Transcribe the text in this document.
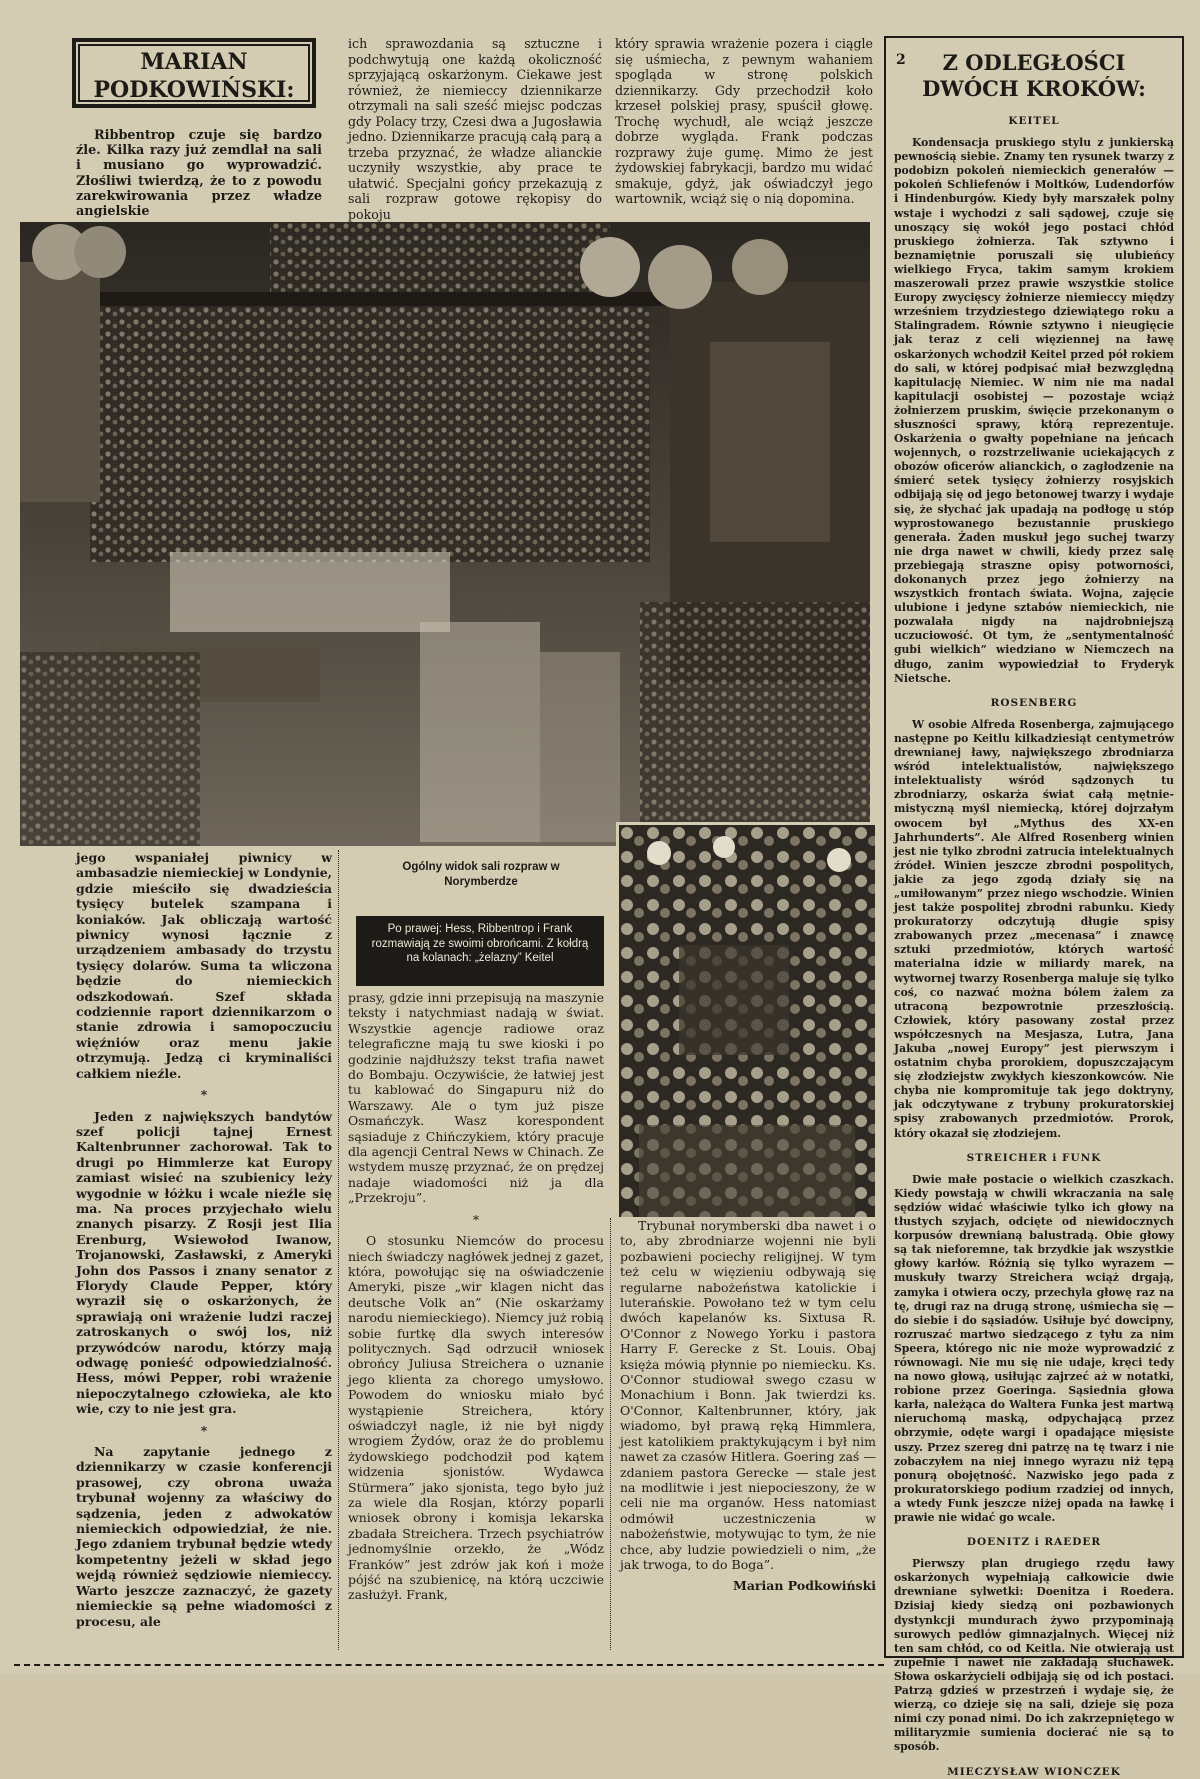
MARIAN
PODKOWIŃSKI:

Ribbentrop czuje się bardzo źle. Kilka razy już zemdlał na sali i musiano go wyprowadzić. Złośliwi twierdzą, że to z powodu zarekwirowania przez władze angielskie

ich sprawozdania są sztuczne i podchwytują one każdą okoliczność sprzyjającą oskarżonym. Ciekawe jest również, że niemieccy dziennikarze otrzymali na sali sześć miejsc podczas gdy Polacy trzy, Czesi dwa a Jugosławia jedno. Dziennikarze pracują całą parą a trzeba przyznać, że władze alianckie uczyniły wszystkie, aby prace te ułatwić. Specjalni gońcy przekazują z sali rozpraw gotowe rękopisy do pokoju

który sprawia wrażenie pozera i ciągle się uśmiecha, z pewnym wahaniem spogląda w stronę polskich dziennikarzy. Gdy przechodził koło krzeseł polskiej prasy, spuścił głowę. Trochę wychudł, ale wciąż jeszcze dobrze wygląda. Frank podczas rozprawy żuje gumę. Mimo że jest żydowskiej fabrykacji, bardzo mu widać smakuje, gdyż, jak oświadczył jego wartownik, wciąż się o nią dopomina.

Ogólny widok sali rozpraw w Norymberdze
Po prawej: Hess, Ribbentrop i Frank rozmawiają ze swoimi obrońcami. Z kołdrą na kolanach: „żelazny” Keitel

jego wspaniałej piwnicy w ambasadzie niemieckiej w Londynie, gdzie mieściło się dwadzieścia tysięcy butelek szampana i koniaków. Jak obliczają wartość piwnicy wynosi łącznie z urządzeniem ambasady do trzystu tysięcy dolarów. Suma ta wliczona będzie do niemieckich odszkodowań. Szef składa codziennie raport dziennikarzom o stanie zdrowia i samopoczuciu więźniów oraz menu jakie otrzymują. Jedzą ci kryminaliści całkiem nieźle.

*

Jeden z największych bandytów szef policji tajnej Ernest Kaltenbrunner zachorował. Tak to drugi po Himmlerze kat Europy zamiast wisieć na szubienicy leży wygodnie w łóżku i wcale nieźle się ma. Na proces przyjechało wielu znanych pisarzy. Z Rosji jest Ilia Erenburg, Wsiewołod Iwanow, Trojanowski, Zasławski, z Ameryki John dos Passos i znany senator z Florydy Claude Pepper, który wyraził się o oskarżonych, że sprawiają oni wrażenie ludzi raczej zatroskanych o swój los, niż przywódców narodu, którzy mają odwagę ponieść odpowiedzialność. Hess, mówi Pepper, robi wrażenie niepoczytalnego człowieka, ale kto wie, czy to nie jest gra.

*

Na zapytanie jednego z dziennikarzy w czasie konferencji prasowej, czy obrona uważa trybunał wojenny za właściwy do sądzenia, jeden z adwokatów niemieckich odpowiedział, że nie. Jego zdaniem trybunał będzie wtedy kompetentny jeżeli w skład jego wejdą również sędziowie niemieccy. Warto jeszcze zaznaczyć, że gazety niemieckie są pełne wiadomości z procesu, ale

prasy, gdzie inni przepisują na maszynie teksty i natychmiast nadają w świat. Wszystkie agencje radiowe oraz telegraficzne mają tu swe kioski i po godzinie najdłuższy tekst trafia nawet do Bombaju. Oczywiście, że łatwiej jest tu kablować do Singapuru niż do Warszawy. Ale o tym już pisze Osmańczyk. Wasz korespondent sąsiaduje z Chińczykiem, który pracuje dla agencji Central News w Chinach. Ze wstydem muszę przyznać, że on prędzej nadaje wiadomości niż ja dla „Przekroju”.

*

O stosunku Niemców do procesu niech świadczy nagłówek jednej z gazet, która, powołując się na oświadczenie Ameryki, pisze „wir klagen nicht das deutsche Volk an” (Nie oskarżamy narodu niemieckiego). Niemcy już robią sobie furtkę dla swych interesów politycznych. Sąd odrzucił wniosek obrońcy Juliusa Streichera o uznanie jego klienta za chorego umysłowo. Powodem do wniosku miało być wystąpienie Streichera, który oświadczył nagle, iż nie był nigdy wrogiem Żydów, oraz że do problemu żydowskiego podchodził pod kątem widzenia sjonistów. Wydawca Stürmera” jako sjonista, tego było już za wiele dla Rosjan, którzy poparli wniosek obrony i komisja lekarska zbadała Streichera. Trzech psychiatrów jednomyślnie orzekło, że „Wódz Franków” jest zdrów jak koń i może pójść na szubienicę, na którą uczciwie zasłużył. Frank,

Trybunał norymberski dba nawet i o to, aby zbrodniarze wojenni nie byli pozbawieni pociechy religijnej. W tym też celu w więzieniu odbywają się regularne nabożeństwa katolickie i luterańskie. Powołano też w tym celu dwóch kapelanów ks. Sixtusa R. O'Connor z Nowego Yorku i pastora Harry F. Gerecke z St. Louis. Obaj księża mówią płynnie po niemiecku. Ks. O'Connor studiował swego czasu w Monachium i Bonn. Jak twierdzi ks. O'Connor, Kaltenbrunner, który, jak wiadomo, był prawą ręką Himmlera, jest katolikiem praktykującym i był nim nawet za czasów Hitlera. Goering zaś — zdaniem pastora Gerecke — stale jest na modlitwie i jest niepocieszony, że w celi nie ma organów. Hess natomiast odmówił uczestniczenia w nabożeństwie, motywując to tym, że nie chce, aby ludzie powiedzieli o nim, „że jak trwoga, to do Boga”.

Marian Podkowiński

2	Z ODLEGŁOŚCI
DWÓCH KROKÓW:
KEITEL

Kondensacja pruskiego stylu z junkierską pewnością siebie. Znamy ten rysunek twarzy z podobizn pokoleń niemieckich generałów — pokoleń Schliefenów i Moltków, Ludendorfów i Hindenburgów. Kiedy były marszałek polny wstaje i wychodzi z sali sądowej, czuje się unoszący się wokół jego postaci chłód pruskiego żołnierza. Tak sztywno i beznamiętnie poruszali się ulubieńcy wielkiego Fryca, takim samym krokiem maszerowali przez prawie wszystkie stolice Europy zwycięscy żołnierze niemieccy między wrześniem trzydziestego dziewiątego roku a Stalingradem. Równie sztywno i nieugięcie jak teraz z celi więziennej na ławę oskarżonych wchodził Keitel przed pół rokiem do sali, w której podpisać miał bezwzględną kapitulację Niemiec. W nim nie ma nadal kapitulacji osobistej — pozostaje wciąż żołnierzem pruskim, święcie przekonanym o słuszności sprawy, którą reprezentuje. Oskarżenia o gwałty popełniane na jeńcach wojennych, o rozstrzeliwanie uciekających z obozów oficerów alianckich, o zagłodzenie na śmierć setek tysięcy żołnierzy rosyjskich odbijają się od jego betonowej twarzy i wydaje się, że słychać jak upadają na podłogę u stóp wyprostowanego bezustannie pruskiego generała. Żaden muskuł jego suchej twarzy nie drga nawet w chwili, kiedy przez salę przebiegają straszne opisy potworności, dokonanych przez jego żołnierzy na wszystkich frontach świata. Wojna, zajęcie ulubione i jedyne sztabów niemieckich, nie pozwalała nigdy na najdrobniejszą uczuciowość. Ot tym, że „sentymentalność gubi wielkich” wiedziano w Niemczech na długo, zanim wypowiedział to Fryderyk Nietsche.

ROSENBERG

W osobie Alfreda Rosenberga, zajmującego następne po Keitlu kilkadziesiąt centymetrów drewnianej ławy, największego zbrodniarza wśród intelektualistów, największego intelektualisty wśród sądzonych tu zbrodniarzy, oskarża świat całą mętnie-mistyczną myśl niemiecką, której dojrzałym owocem był „Mythus des XX-en Jahrhunderts”. Ale Alfred Rosenberg winien jest nie tylko zbrodni zatrucia intelektualnych źródeł. Winien jeszcze zbrodni pospolitych, jakie za jego zgodą działy się na „umiłowanym” przez niego wschodzie. Winien jest także pospolitej zbrodni rabunku. Kiedy prokuratorzy odczytują długie spisy zrabowanych przez „mecenasa” i znawcę sztuki przedmiotów, których wartość materialna idzie w miliardy marek, na wytwornej twarzy Rosenberga maluje się tylko coś, co nazwać można bólem żalem za utraconą bezpowrotnie przeszłością. Człowiek, który pasowany został przez współczesnych na Mesjasza, Lutra, Jana Jakuba „nowej Europy” jest pierwszym i ostatnim chyba prorokiem, dopuszczającym się złodziejstw zwykłych kieszonkowców. Nie chyba nie kompromituje tak jego doktryny, jak odczytywane z trybuny prokuratorskiej spisy zrabowanych przedmiotów. Prorok, który okazał się złodziejem.

STREICHER i FUNK

Dwie małe postacie o wielkich czaszkach. Kiedy powstają w chwili wkraczania na salę sędziów widać właściwie tylko ich głowy na tłustych szyjach, odcięte od niewidocznych korpusów drewnianą balustradą. Obie głowy są tak nieforemne, tak brzydkie jak wszystkie głowy karłów. Różnią się tylko wyrazem — muskuły twarzy Streichera wciąż drgają, zamyka i otwiera oczy, przechyla głowę raz na tę, drugi raz na drugą stronę, uśmiecha się — do siebie i do sąsiadów. Usiłuje być dowcipny, rozruszać martwo siedzącego z tyłu za nim Speera, którego nic nie może wyprowadzić z równowagi. Nie mu się nie udaje, kręci tedy na nowo głową, usiłując zajrzeć aż w notatki, robione przez Goeringa. Sąsiednia głowa karła, należąca do Waltera Funka jest martwą nieruchomą maską, odpychającą przez obrzymie, odęte wargi i opadające mięsiste uszy. Przez szereg dni patrzę na tę twarz i nie zobaczyłem na niej innego wyrazu niż tępą ponurą obojętność. Nazwisko jego pada z prokuratorskiego podium rzadziej od innych, a wtedy Funk jeszcze niżej opada na ławkę i prawie nie widać go wcale.

DOENITZ i RAEDER

Pierwszy plan drugiego rzędu ławy oskarżonych wypełniają całkowicie dwie drewniane sylwetki: Doenitza i Roedera. Dzisiaj kiedy siedzą oni pozbawionych dystynkcji mundurach żywo przypominają surowych pedlów gimnazjalnych. Więcej niż ten sam chłód, co od Keitla. Nie otwierają ust zupełnie i nawet nie zakładają słuchawek. Słowa oskarżycieli odbijają się od ich postaci. Patrzą gdzieś w przestrzeń i wydaje się, że wierzą, co dzieje się na sali, dzieje się poza nimi czy ponad nimi. Do ich zakrzepniętego w militaryzmie sumienia docierać nie są to sposób.

MIECZYSŁAW WIONCZEK
